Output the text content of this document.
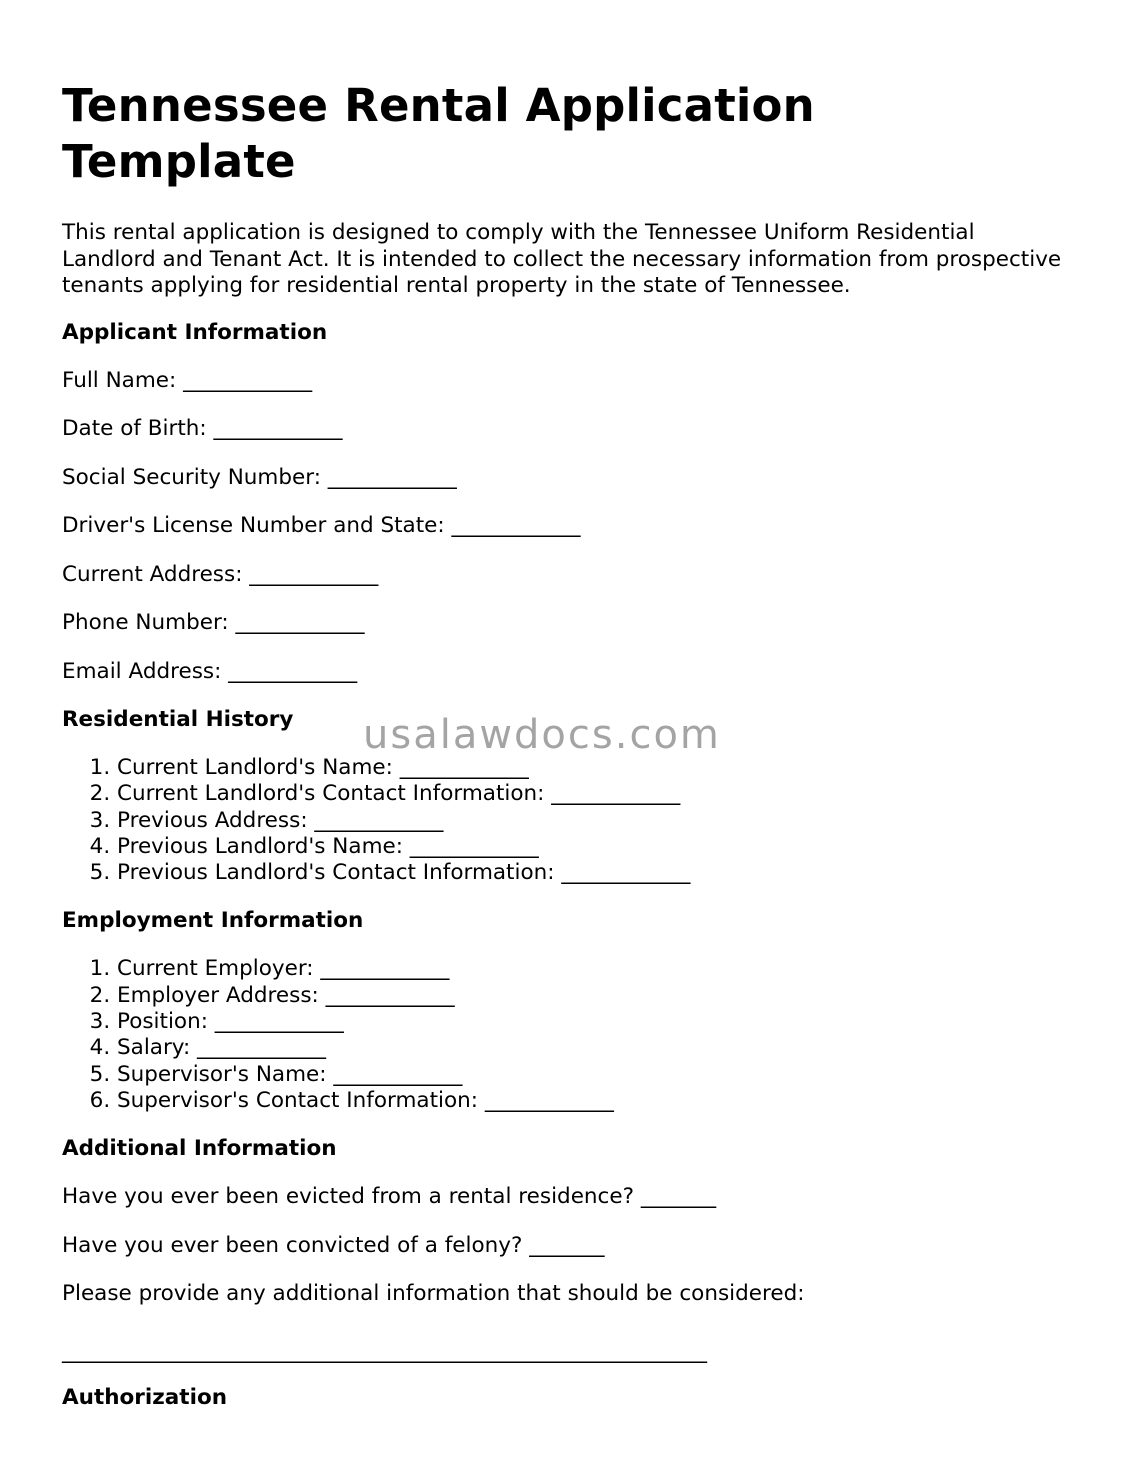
Tennessee Rental Application Template

This rental application is designed to comply with the Tennessee Uniform Residential Landlord and Tenant Act. It is intended to collect the necessary information from prospective tenants applying for residential rental property in the state of Tennessee.

Applicant Information

Full Name: ____________

Date of Birth: ____________

Social Security Number: ____________

Driver's License Number and State: ____________

Current Address: ____________

Phone Number: ____________

Email Address: ____________

Residential History
1. Current Landlord's Name: ____________
2. Current Landlord's Contact Information: ____________
3. Previous Address: ____________
4. Previous Landlord's Name: ____________
5. Previous Landlord's Contact Information: ____________
Employment Information
1. Current Employer: ____________
2. Employer Address: ____________
3. Position: ____________
4. Salary: ____________
5. Supervisor's Name: ____________
6. Supervisor's Contact Information: ____________
Additional Information

Have you ever been evicted from a rental residence? _______

Have you ever been convicted of a felony? _______

Please provide any additional information that should be considered:

____________________________________________________________
Authorization
usalawdocs.com
